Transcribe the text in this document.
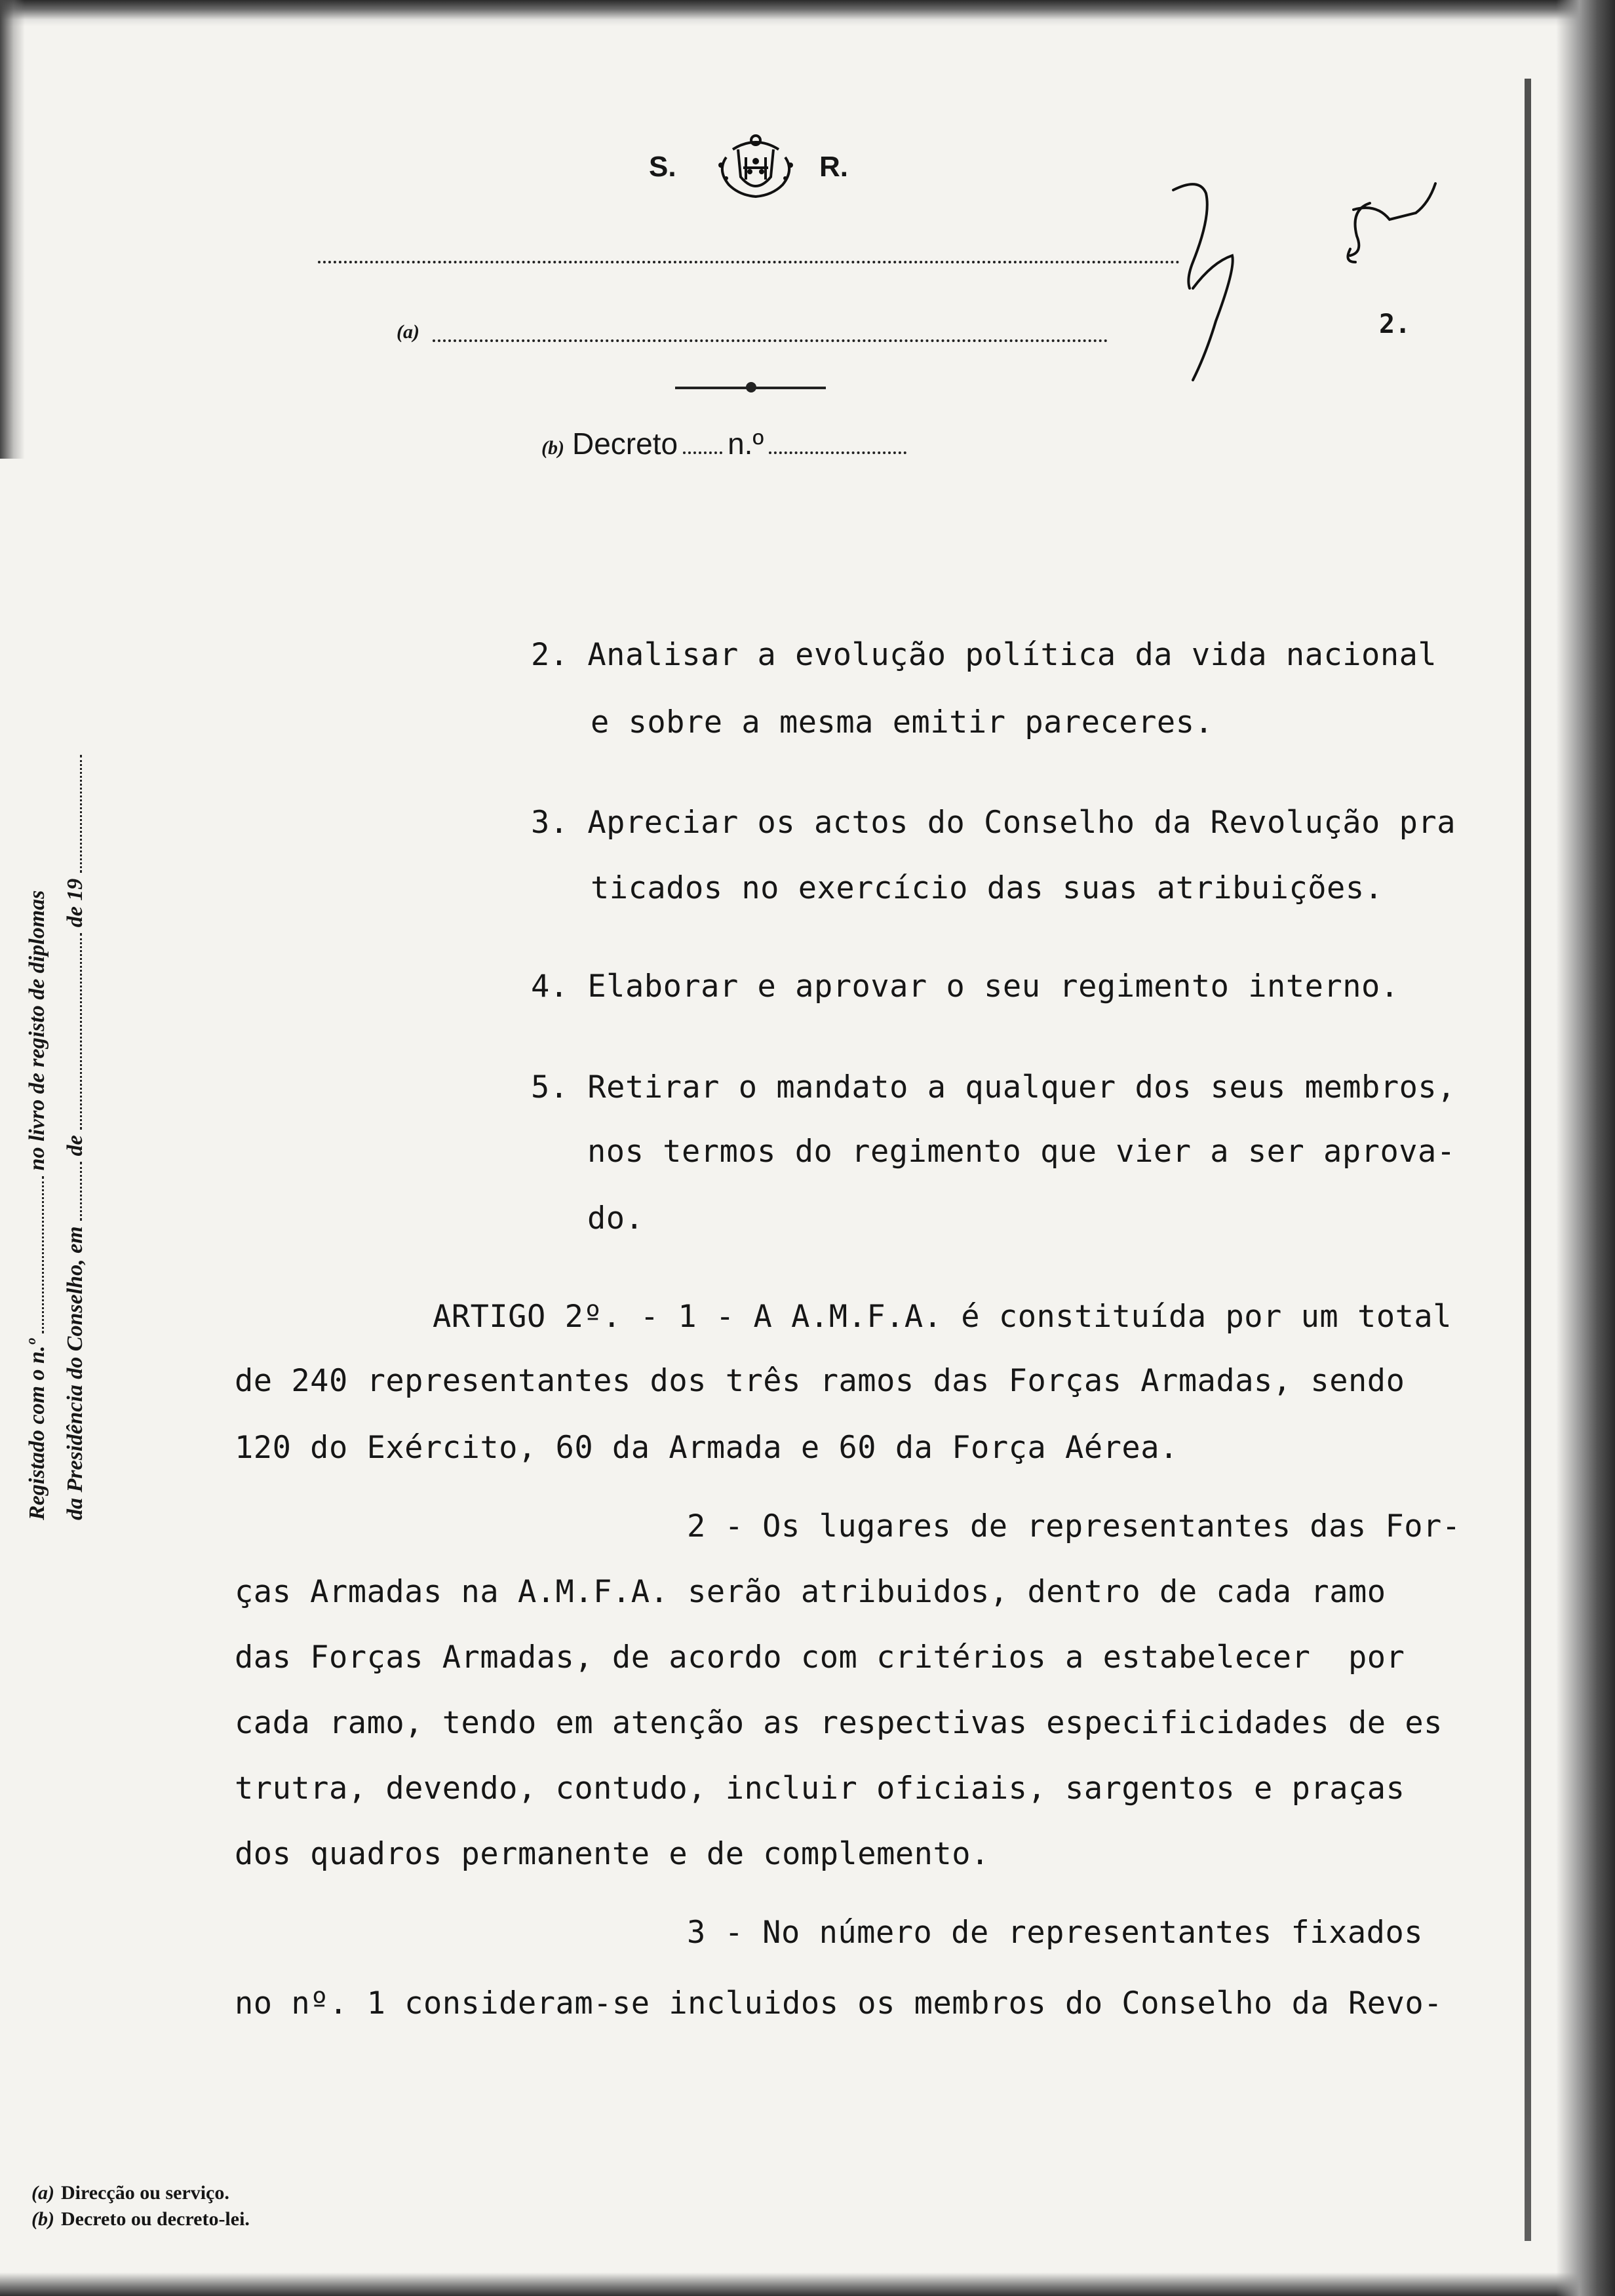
S.	R.
(a)
(b) Decreto n.º
2.
Registado com o n.º  no livro de registo de diplomas
da Presidência do Conselho, em  de  de 19
2. Analisar a evolução política da vida nacional
e sobre a mesma emitir pareceres.
3. Apreciar os actos do Conselho da Revolução pra
ticados no exercício das suas atribuições.
4. Elaborar e aprovar o seu regimento interno.
5. Retirar o mandato a qualquer dos seus membros,
nos termos do regimento que vier a ser aprova-
do.
ARTIGO 2º. - 1 - A A.M.F.A. é constituída por um total
de 240 representantes dos três ramos das Forças Armadas, sendo
120 do Exército, 60 da Armada e 60 da Força Aérea.
2 - Os lugares de representantes das For-
ças Armadas na A.M.F.A. serão atribuidos, dentro de cada ramo
das Forças Armadas, de acordo com critérios a estabelecer  por
cada ramo, tendo em atenção as respectivas especificidades de es
trutra, devendo, contudo, incluir oficiais, sargentos e praças
dos quadros permanente e de complemento.
3 - No número de representantes fixados
no nº. 1 consideram-se incluidos os membros do Conselho da Revo-
(a) Direcção ou serviço.
(b) Decreto ou decreto-lei.
